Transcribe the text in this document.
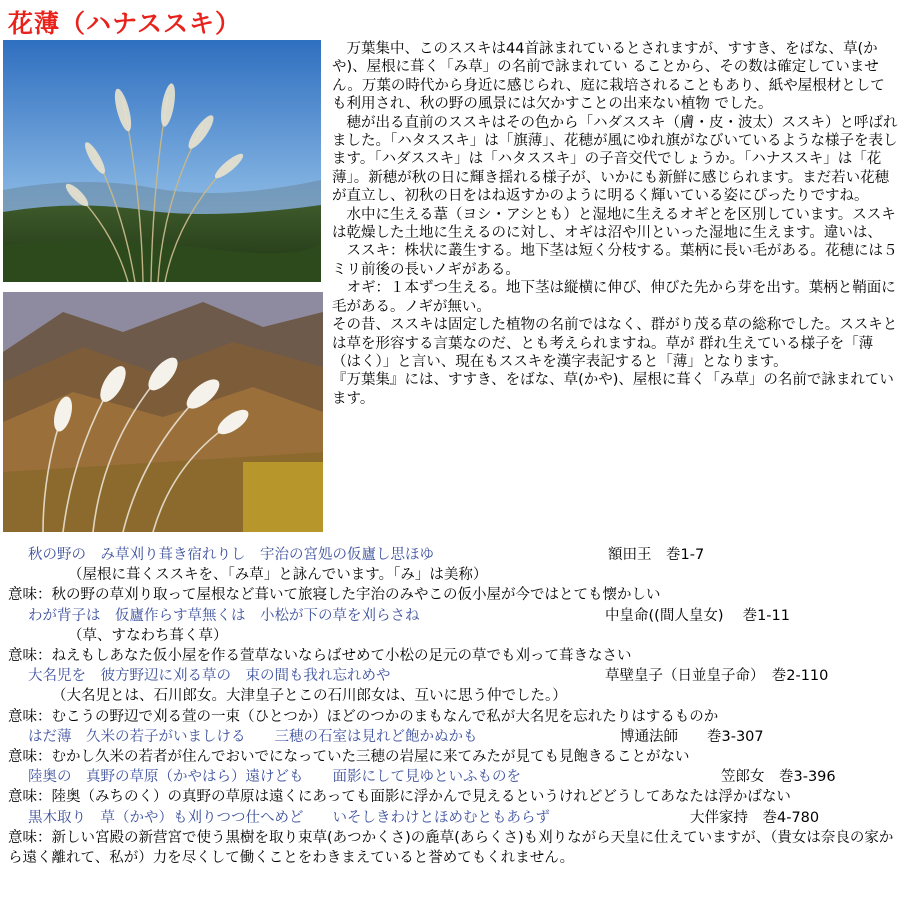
花薄（ハナススキ）

　万葉集中、このススキは44首詠まれているとされますが、すすき、をばな、草(かや)、屋根に葺く「み草」の名前で詠まれてい ることから、その数は確定していません。万葉の時代から身近に感じられ、庭に栽培されることもあり、紙や屋根材としても利用され、秋の野の風景には欠かすことの出来ない植物 でした。

　穂が出る直前のススキはその色から「ハダススキ（膚・皮・波太）ススキ）と呼ばれました。「ハタススキ」は「旗薄」、花穂が風にゆれ旗がなびいているような様子を表します。「ハダススキ」は「ハタススキ」の子音交代でしょうか。「ハナススキ」は「花薄」。新穂が秋の日に輝き揺れる様子が、いかにも新鮮に感じられます。まだ若い花穂が直立し、初秋の日をはね返すかのように明るく輝いている姿にぴったりですね。

　水中に生える葦（ヨシ・アシとも）と湿地に生えるオギとを区別しています。ススキは乾燥した土地に生えるのに対し、オギは沼や川といった湿地に生えます。違いは、

　ススキ：株状に叢生する。地下茎は短く分枝する。葉柄に長い毛がある。花穂には５ミリ前後の長いノギがある。

　オギ：１本ずつ生える。地下茎は縦横に伸び、伸びた先から芽を出す。葉柄と鞘面に毛がある。ノギが無い。

その昔、ススキは固定した植物の名前ではなく、群がり茂る草の総称でした。ススキとは草を形容する言葉なのだ、とも考えられますね。草が 群れ生えている様子を「薄（はく）」と言い、現在もススキを漢字表記すると「薄」となります。

『万葉集』には、すすき、をばな、草(かや)、屋根に葺く「み草」の名前で詠まれています。

秋の野の　み草刈り葺き宿れりし　宇治の宮処の仮廬し思ほゆ	額田王　巻1-7
（屋根に葺くススキを、「み草」と詠んでいます。「み」は美称）
意味：秋の野の草刈り取って屋根など葺いて旅寝した宇治のみやこの仮小屋が今ではとても懐かしい
わが背子は　仮廬作らす草無くは　小松が下の草を刈らさね	中皇命((間人皇女)　 巻1-11
（草、すなわち葺く草）
意味：ねえもしあなた仮小屋を作る萱草ないならばせめて小松の足元の草でも刈って葺きなさい
大名児を　彼方野辺に刈る草の　束の間も我れ忘れめや	草壁皇子（日並皇子命）　巻2-110
（大名児とは、石川郎女。大津皇子とこの石川郎女は、互いに思う仲でした。）
意味：むこうの野辺で刈る萱の一束（ひとつか）ほどのつかのまもなんで私が大名児を忘れたりはするものか
はだ薄　久米の若子がいましける　　三穂の石室は見れど飽かぬかも	博通法師　　巻3-307
意味：むかし久米の若者が住んでおいでになっていた三穂の岩屋に来てみたが見ても見飽きることがない
陸奥の　真野の草原（かやはら）遠けども　　面影にして見ゆといふものを	笠郎女　巻3-396
意味：陸奥（みちのく）の真野の草原は遠くにあっても面影に浮かんで見えるというけれどどうしてあなたは浮かばない
黒木取り　草（かや）も刈りつつ仕へめど　　いそしきわけとほめむともあらず	大伴家持　巻4-780
意味：新しい宮殿の新营宮で使う黒樹を取り束草(あつかくさ)の麁草(あらくさ)も刈りながら天皇に仕えていますが、（貴女は奈良の家から遠く離れて、私が）力を尽くして働くことをわきまえていると誉めてもくれません。
